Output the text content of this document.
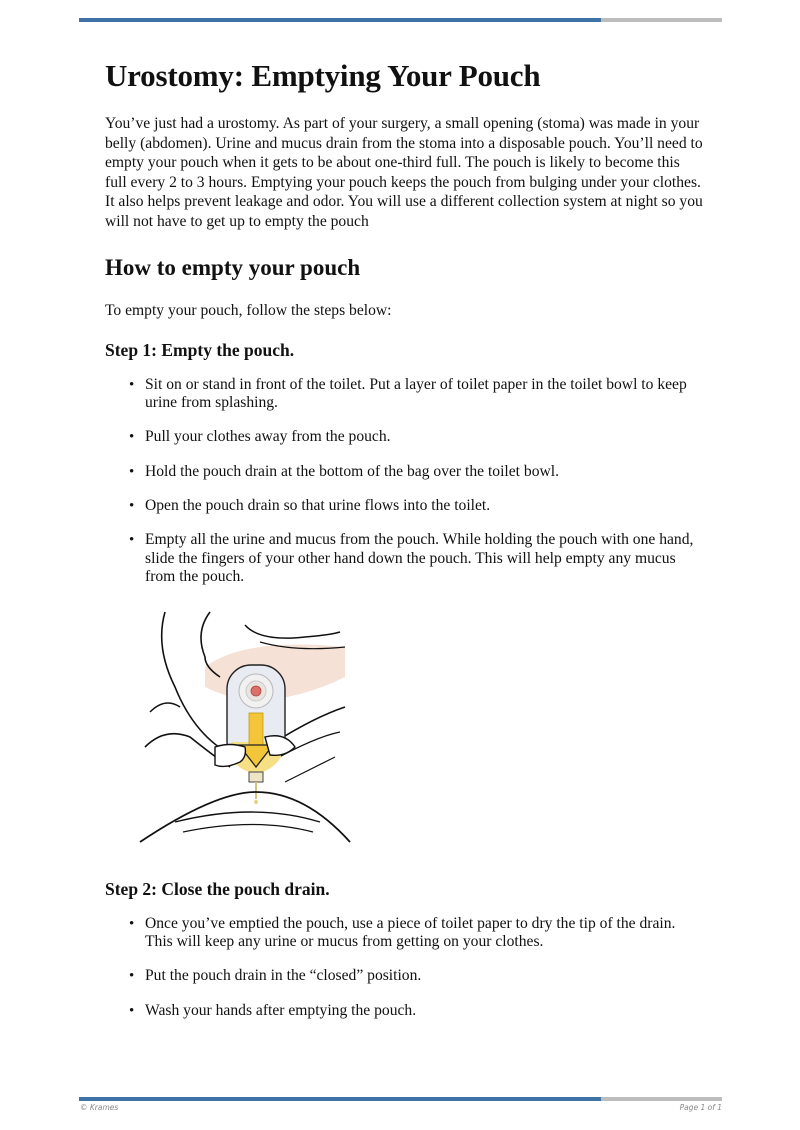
Urostomy: Emptying Your Pouch

You’ve just had a urostomy. As part of your surgery, a small opening (stoma) was made in your belly (abdomen). Urine and mucus drain from the stoma into a disposable pouch. You’ll need to empty your pouch when it gets to be about one-third full. The pouch is likely to become this full every 2 to 3 hours. Emptying your pouch keeps the pouch from bulging under your clothes. It also helps prevent leakage and odor. You will use a different collection system at night so you will not have to get up to empty the pouch

How to empty your pouch

To empty your pouch, follow the steps below:

Step 1: Empty the pouch.
• Sit on or stand in front of the toilet. Put a layer of toilet paper in the toilet bowl to keep urine from splashing.
• Pull your clothes away from the pouch.
• Hold the pouch drain at the bottom of the bag over the toilet bowl.
• Open the pouch drain so that urine flows into the toilet.
• Empty all the urine and mucus from the pouch. While holding the pouch with one hand, slide the fingers of your other hand down the pouch. This will help empty any mucus from the pouch.
Step 2: Close the pouch drain.
• Once you’ve emptied the pouch, use a piece of toilet paper to dry the tip of the drain. This will keep any urine or mucus from getting on your clothes.
• Put the pouch drain in the “closed” position.
• Wash your hands after emptying the pouch.
© Krames	Page 1 of 1
